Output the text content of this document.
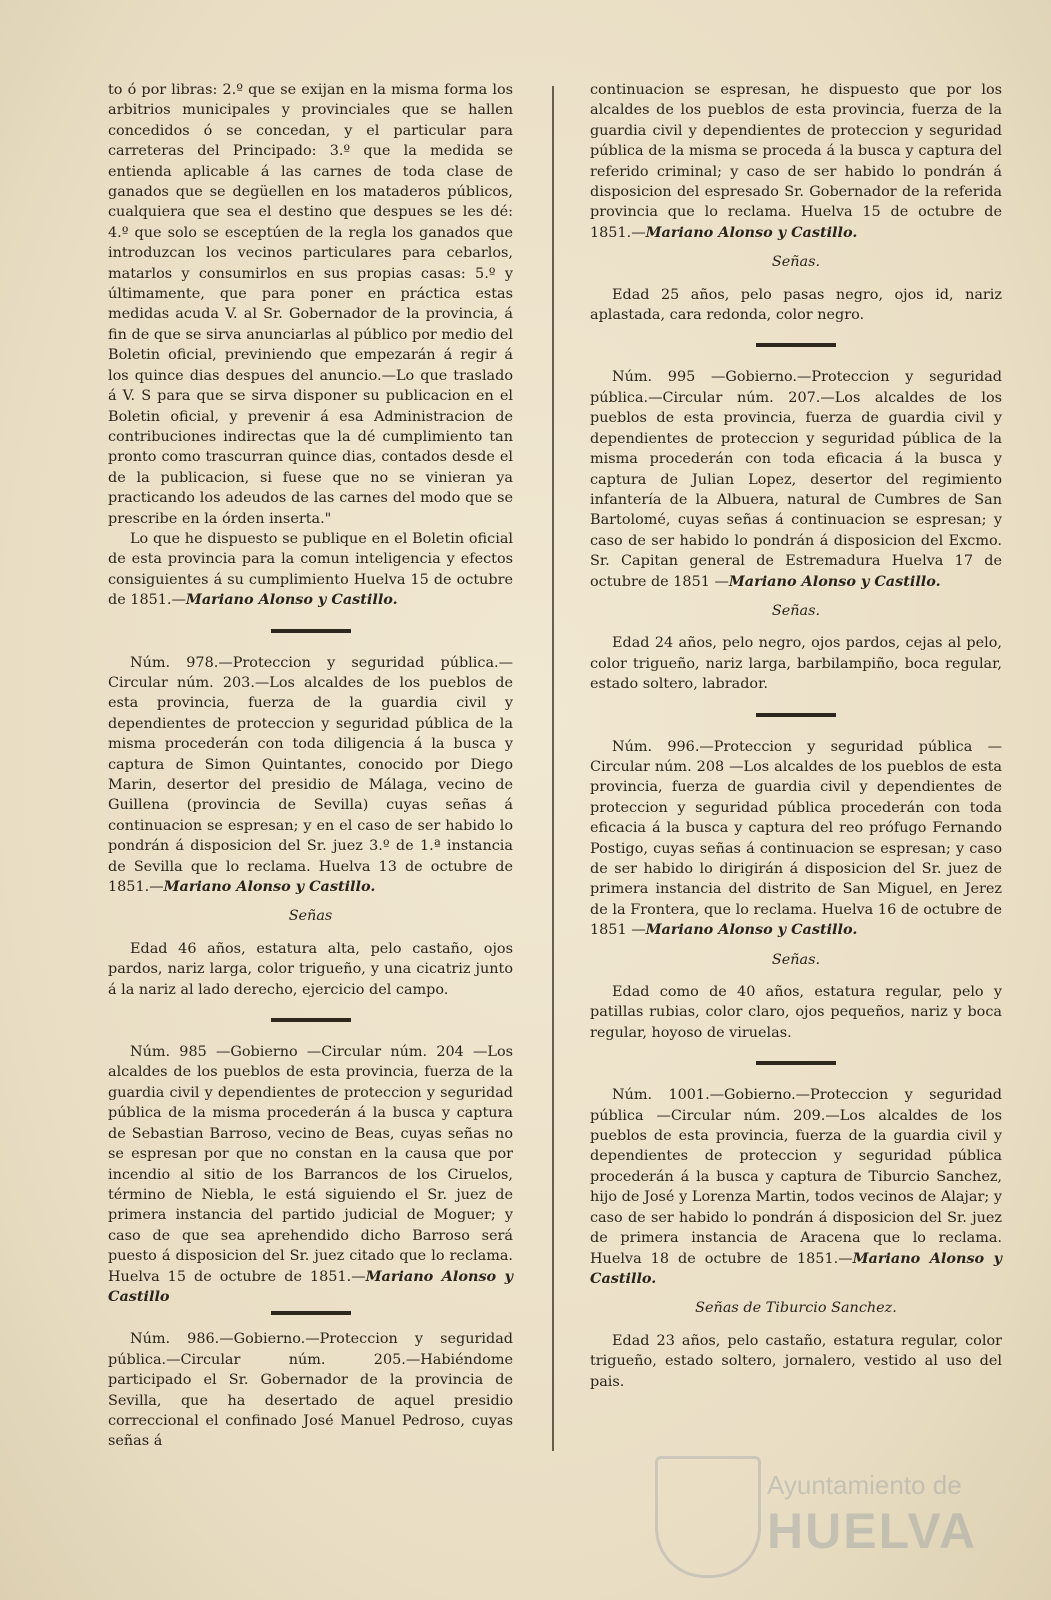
to ó por libras: 2.º que se exijan en la misma forma los arbitrios municipales y provinciales que se hallen concedidos ó se concedan, y el particular para carreteras del Principado: 3.º que la medida se entienda aplicable á las carnes de toda clase de ganados que se degüellen en los mataderos públicos, cualquiera que sea el destino que despues se les dé: 4.º que solo se esceptúen de la regla los ganados que introduzcan los vecinos particulares para cebarlos, matarlos y consumirlos en sus propias casas: 5.º y últimamente, que para poner en práctica estas medidas acuda V. al Sr. Gobernador de la provincia, á fin de que se sirva anunciarlas al público por medio del Boletin oficial, previniendo que empezarán á regir á los quince dias despues del anuncio.—Lo que traslado á V. S para que se sirva disponer su publicacion en el Boletin oficial, y prevenir á esa Administracion de contribuciones indirectas que la dé cumplimiento tan pronto como trascurran quince dias, contados desde el de la publicacion, si fuese que no se vinieran ya practicando los adeudos de las carnes del modo que se prescribe en la órden inserta."

Lo que he dispuesto se publique en el Boletin oficial de esta provincia para la comun inteligencia y efectos consiguientes á su cumplimiento Huelva 15 de octubre de 1851.—Mariano Alonso y Castillo.

Núm. 978.—Proteccion y seguridad pública.—Circular núm. 203.—Los alcaldes de los pueblos de esta provincia, fuerza de la guardia civil y dependientes de proteccion y seguridad pública de la misma procederán con toda diligencia á la busca y captura de Simon Quintantes, conocido por Diego Marin, desertor del presidio de Málaga, vecino de Guillena (provincia de Sevilla) cuyas señas á continuacion se espresan; y en el caso de ser habido lo pondrán á disposicion del Sr. juez 3.º de 1.ª instancia de Sevilla que lo reclama. Huelva 13 de octubre de 1851.—Mariano Alonso y Castillo.

Señas

Edad 46 años, estatura alta, pelo castaño, ojos pardos, nariz larga, color trigueño, y una cicatriz junto á la nariz al lado derecho, ejercicio del campo.

Núm. 985 —Gobierno —Circular núm. 204 —Los alcaldes de los pueblos de esta provincia, fuerza de la guardia civil y dependientes de proteccion y seguridad pública de la misma procederán á la busca y captura de Sebastian Barroso, vecino de Beas, cuyas señas no se espresan por que no constan en la causa que por incendio al sitio de los Barrancos de los Ciruelos, término de Niebla, le está siguiendo el Sr. juez de primera instancia del partido judicial de Moguer; y caso de que sea aprehendido dicho Barroso será puesto á disposicion del Sr. juez citado que lo reclama. Huelva 15 de octubre de 1851.—Mariano Alonso y Castillo

Núm. 986.—Gobierno.—Proteccion y seguridad pública.—Circular núm. 205.—Habiéndome participado el Sr. Gobernador de la provincia de Sevilla, que ha desertado de aquel presidio correccional el confinado José Manuel Pedroso, cuyas señas á

continuacion se espresan, he dispuesto que por los alcaldes de los pueblos de esta provincia, fuerza de la guardia civil y dependientes de proteccion y seguridad pública de la misma se proceda á la busca y captura del referido criminal; y caso de ser habido lo pondrán á disposicion del espresado Sr. Gobernador de la referida provincia que lo reclama. Huelva 15 de octubre de 1851.—Mariano Alonso y Castillo.

Señas.

Edad 25 años, pelo pasas negro, ojos id, nariz aplastada, cara redonda, color negro.

Núm. 995 —Gobierno.—Proteccion y seguridad pública.—Circular núm. 207.—Los alcaldes de los pueblos de esta provincia, fuerza de guardia civil y dependientes de proteccion y seguridad pública de la misma procederán con toda eficacia á la busca y captura de Julian Lopez, desertor del regimiento infantería de la Albuera, natural de Cumbres de San Bartolomé, cuyas señas á continuacion se espresan; y caso de ser habido lo pondrán á disposicion del Excmo. Sr. Capitan general de Estremadura Huelva 17 de octubre de 1851 —Mariano Alonso y Castillo.

Señas.

Edad 24 años, pelo negro, ojos pardos, cejas al pelo, color trigueño, nariz larga, barbilampiño, boca regular, estado soltero, labrador.

Núm. 996.—Proteccion y seguridad pública —Circular núm. 208 —Los alcaldes de los pueblos de esta provincia, fuerza de guardia civil y dependientes de proteccion y seguridad pública procederán con toda eficacia á la busca y captura del reo prófugo Fernando Postigo, cuyas señas á continuacion se espresan; y caso de ser habido lo dirigirán á disposicion del Sr. juez de primera instancia del distrito de San Miguel, en Jerez de la Frontera, que lo reclama. Huelva 16 de octubre de 1851 —Mariano Alonso y Castillo.

Señas.

Edad como de 40 años, estatura regular, pelo y patillas rubias, color claro, ojos pequeños, nariz y boca regular, hoyoso de viruelas.

Núm. 1001.—Gobierno.—Proteccion y seguridad pública —Circular núm. 209.—Los alcaldes de los pueblos de esta provincia, fuerza de la guardia civil y dependientes de proteccion y seguridad pública procederán á la busca y captura de Tiburcio Sanchez, hijo de José y Lorenza Martin, todos vecinos de Alajar; y caso de ser habido lo pondrán á disposicion del Sr. juez de primera instancia de Aracena que lo reclama. Huelva 18 de octubre de 1851.—Mariano Alonso y Castillo.

Señas de Tiburcio Sanchez.

Edad 23 años, pelo castaño, estatura regular, color trigueño, estado soltero, jornalero, vestido al uso del pais.

Ayuntamiento de
HUELVA
